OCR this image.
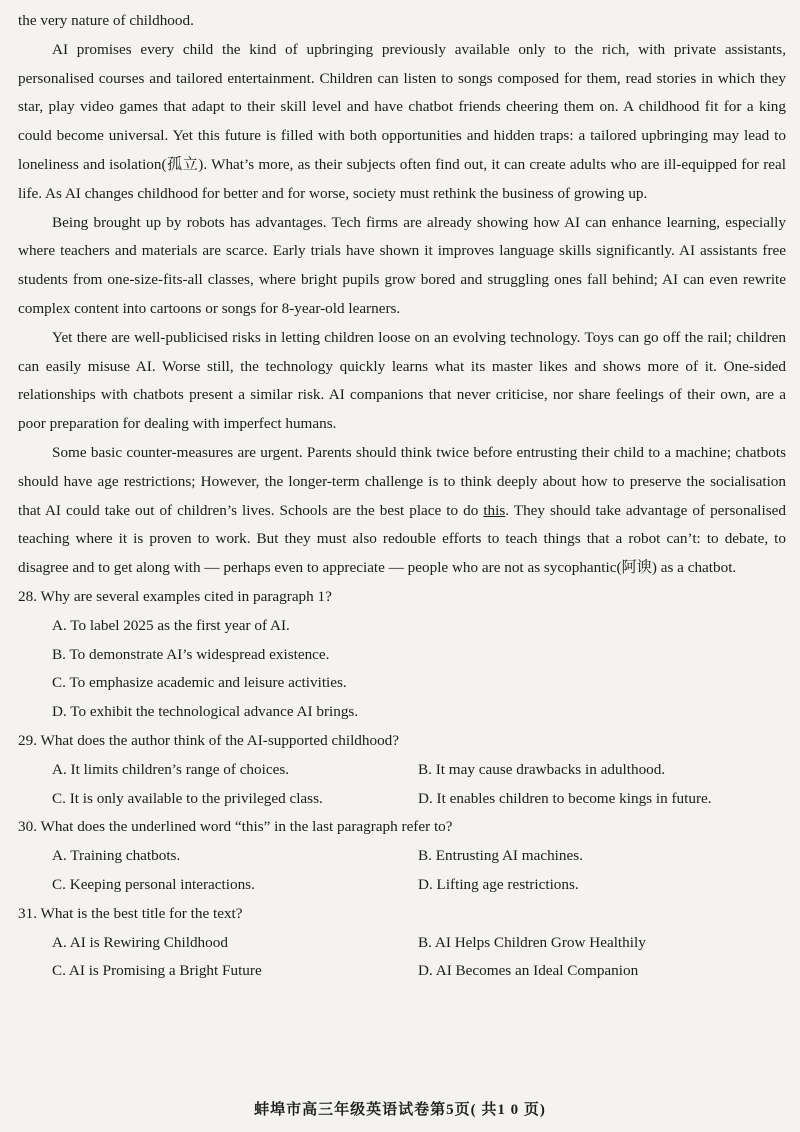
the very nature of childhood.
AI promises every child the kind of upbringing previously available only to the rich, with private assistants, personalised courses and tailored entertainment. Children can listen to songs composed for them, read stories in which they star, play video games that adapt to their skill level and have chatbot friends cheering them on. A childhood fit for a king could become universal. Yet this future is filled with both opportunities and hidden traps: a tailored upbringing may lead to loneliness and isolation(孤立). What’s more, as their subjects often find out, it can create adults who are ill-equipped for real life. As AI changes childhood for better and for worse, society must rethink the business of growing up.
Being brought up by robots has advantages. Tech firms are already showing how AI can enhance learning, especially where teachers and materials are scarce. Early trials have shown it improves language skills significantly. AI assistants free students from one-size-fits-all classes, where bright pupils grow bored and struggling ones fall behind; AI can even rewrite complex content into cartoons or songs for 8-year-old learners.
Yet there are well-publicised risks in letting children loose on an evolving technology. Toys can go off the rail; children can easily misuse AI. Worse still, the technology quickly learns what its master likes and shows more of it. One-sided relationships with chatbots present a similar risk. AI companions that never criticise, nor share feelings of their own, are a poor preparation for dealing with imperfect humans.
Some basic counter-measures are urgent. Parents should think twice before entrusting their child to a machine; chatbots should have age restrictions; However, the longer-term challenge is to think deeply about how to preserve the socialisation that AI could take out of children’s lives. Schools are the best place to do this. They should take advantage of personalised teaching where it is proven to work. But they must also redouble efforts to teach things that a robot can’t: to debate, to disagree and to get along with — perhaps even to appreciate — people who are not as sycophantic(阿谀) as a chatbot.
28. Why are several examples cited in paragraph 1?
A. To label 2025 as the first year of AI.
B. To demonstrate AI’s widespread existence.
C. To emphasize academic and leisure activities.
D. To exhibit the technological advance AI brings.
29. What does the author think of the AI-supported childhood?
A. It limits children’s range of choices.	B. It may cause drawbacks in adulthood.
C. It is only available to the privileged class.	D. It enables children to become kings in future.
30. What does the underlined word “this” in the last paragraph refer to?
A. Training chatbots.	B. Entrusting AI machines.
C. Keeping personal interactions.	D. Lifting age restrictions.
31. What is the best title for the text?
A. AI is Rewiring Childhood	B. AI Helps Children Grow Healthily
C. AI is Promising a Bright Future	D. AI Becomes an Ideal Companion
蚌埠市高三年级英语试卷第5页( 共1 0 页)
